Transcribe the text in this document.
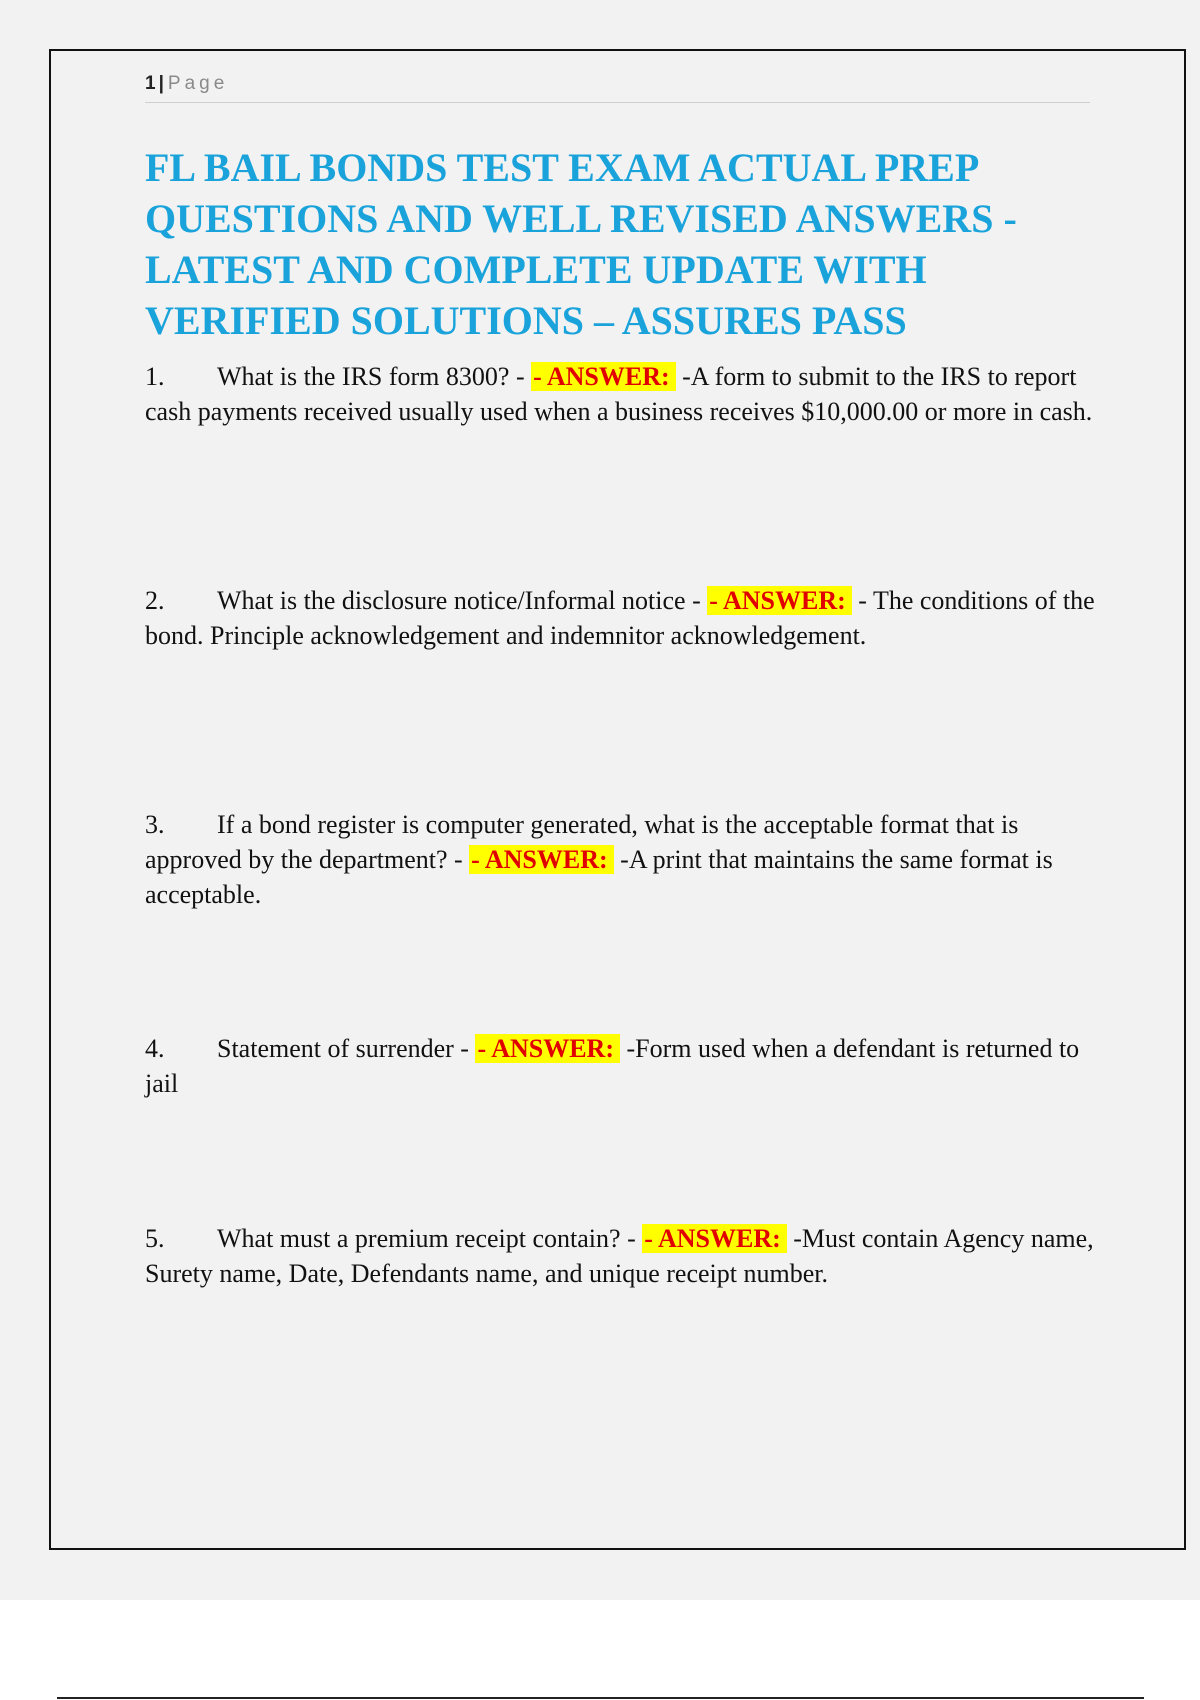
1 | Page
FL BAIL BONDS TEST EXAM ACTUAL PREP QUESTIONS AND WELL REVISED ANSWERS - LATEST AND COMPLETE UPDATE WITH VERIFIED SOLUTIONS – ASSURES PASS
1. What is the IRS form 8300? - - ANSWER: -A form to submit to the IRS to report cash payments received usually used when a business receives $10,000.00 or more in cash.
2. What is the disclosure notice/Informal notice - - ANSWER: - The conditions of the bond. Principle acknowledgement and indemnitor acknowledgement.
3. If a bond register is computer generated, what is the acceptable format that is approved by the department? - - ANSWER: -A print that maintains the same format is acceptable.
4. Statement of surrender - - ANSWER: -Form used when a defendant is returned to jail
5. What must a premium receipt contain? - - ANSWER: -Must contain Agency name, Surety name, Date, Defendants name, and unique receipt number.
